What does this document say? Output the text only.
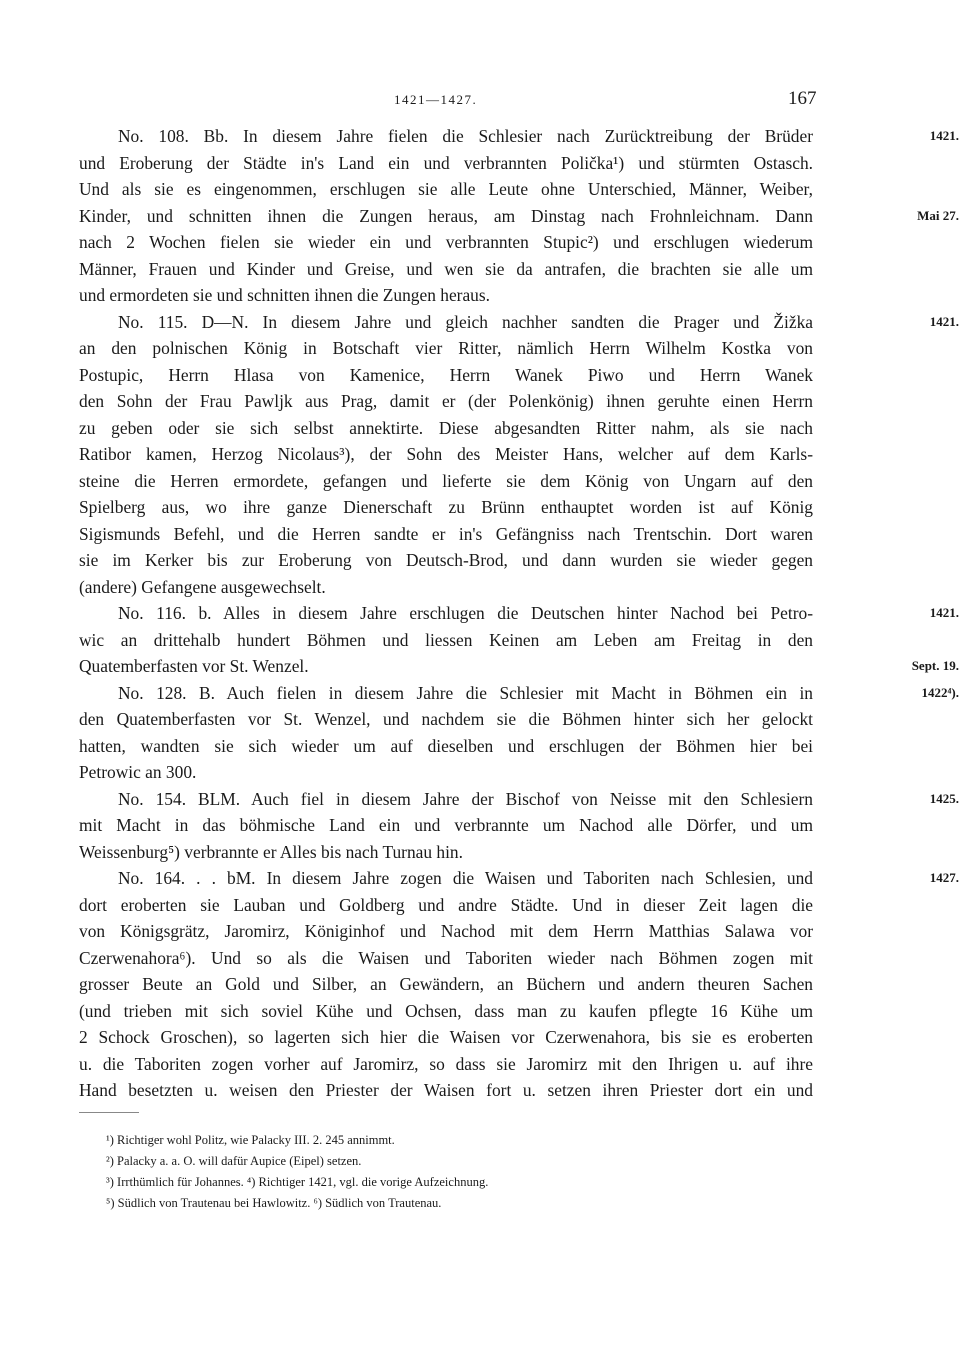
1421—1427.	167
No. 108. Bb. In diesem Jahre fielen die Schlesier nach Zurücktreibung der Brüder	1421.
und Eroberung der Städte in's Land ein und verbrannten Polička¹) und stürmten Ostasch.
Und als sie es eingenommen, erschlugen sie alle Leute ohne Unterschied, Männer, Weiber,
Kinder, und schnitten ihnen die Zungen heraus, am Dinstag nach Frohnleichnam. Dann	Mai 27.
nach 2 Wochen fielen sie wieder ein und verbrannten Stupic²) und erschlugen wiederum
Männer, Frauen und Kinder und Greise, und wen sie da antrafen, die brachten sie alle um
und ermordeten sie und schnitten ihnen die Zungen heraus.
No. 115. D—N. In diesem Jahre und gleich nachher sandten die Prager und Žižka	1421.
an den polnischen König in Botschaft vier Ritter, nämlich Herrn Wilhelm Kostka von
Postupic, Herrn Hlasa von Kamenice, Herrn Wanek Piwo und Herrn Wanek
den Sohn der Frau Pawljk aus Prag, damit er (der Polenkönig) ihnen geruhte einen Herrn
zu geben oder sie sich selbst annektirte. Diese abgesandten Ritter nahm, als sie nach
Ratibor kamen, Herzog Nicolaus³), der Sohn des Meister Hans, welcher auf dem Karls-
steine die Herren ermordete, gefangen und lieferte sie dem König von Ungarn auf den
Spielberg aus, wo ihre ganze Dienerschaft zu Brünn enthauptet worden ist auf König
Sigismunds Befehl, und die Herren sandte er in's Gefängniss nach Trentschin. Dort waren
sie im Kerker bis zur Eroberung von Deutsch-Brod, und dann wurden sie wieder gegen
(andere) Gefangene ausgewechselt.
No. 116. b. Alles in diesem Jahre erschlugen die Deutschen hinter Nachod bei Petro-	1421.
wic an drittehalb hundert Böhmen und liessen Keinen am Leben am Freitag in den
Quatemberfasten vor St. Wenzel.	Sept. 19.
No. 128. B. Auch fielen in diesem Jahre die Schlesier mit Macht in Böhmen ein in	1422⁴).
den Quatemberfasten vor St. Wenzel, und nachdem sie die Böhmen hinter sich her gelockt
hatten, wandten sie sich wieder um auf dieselben und erschlugen der Böhmen hier bei
Petrowic an 300.
No. 154. BLM. Auch fiel in diesem Jahre der Bischof von Neisse mit den Schlesiern	1425.
mit Macht in das böhmische Land ein und verbrannte um Nachod alle Dörfer, und um
Weissenburg⁵) verbrannte er Alles bis nach Turnau hin.
No. 164. . . bM. In diesem Jahre zogen die Waisen und Taboriten nach Schlesien, und	1427.
dort eroberten sie Lauban und Goldberg und andre Städte. Und in dieser Zeit lagen die
von Königsgrätz, Jaromirz, Königinhof und Nachod mit dem Herrn Matthias Salawa vor
Czerwenahora⁶). Und so als die Waisen und Taboriten wieder nach Böhmen zogen mit
grosser Beute an Gold und Silber, an Gewändern, an Büchern und andern theuren Sachen
(und trieben mit sich soviel Kühe und Ochsen, dass man zu kaufen pflegte 16 Kühe um
2 Schock Groschen), so lagerten sich hier die Waisen vor Czerwenahora, bis sie es eroberten
u. die Taboriten zogen vorher auf Jaromirz, so dass sie Jaromirz mit den Ihrigen u. auf ihre
Hand besetzten u. weisen den Priester der Waisen fort u. setzen ihren Priester dort ein und
¹) Richtiger wohl Politz, wie Palacky III. 2. 245 annimmt.
²) Palacky a. a. O. will dafür Aupice (Eipel) setzen.
³) Irrthümlich für Johannes. ⁴) Richtiger 1421, vgl. die vorige Aufzeichnung.
⁵) Südlich von Trautenau bei Hawlowitz. ⁶) Südlich von Trautenau.
